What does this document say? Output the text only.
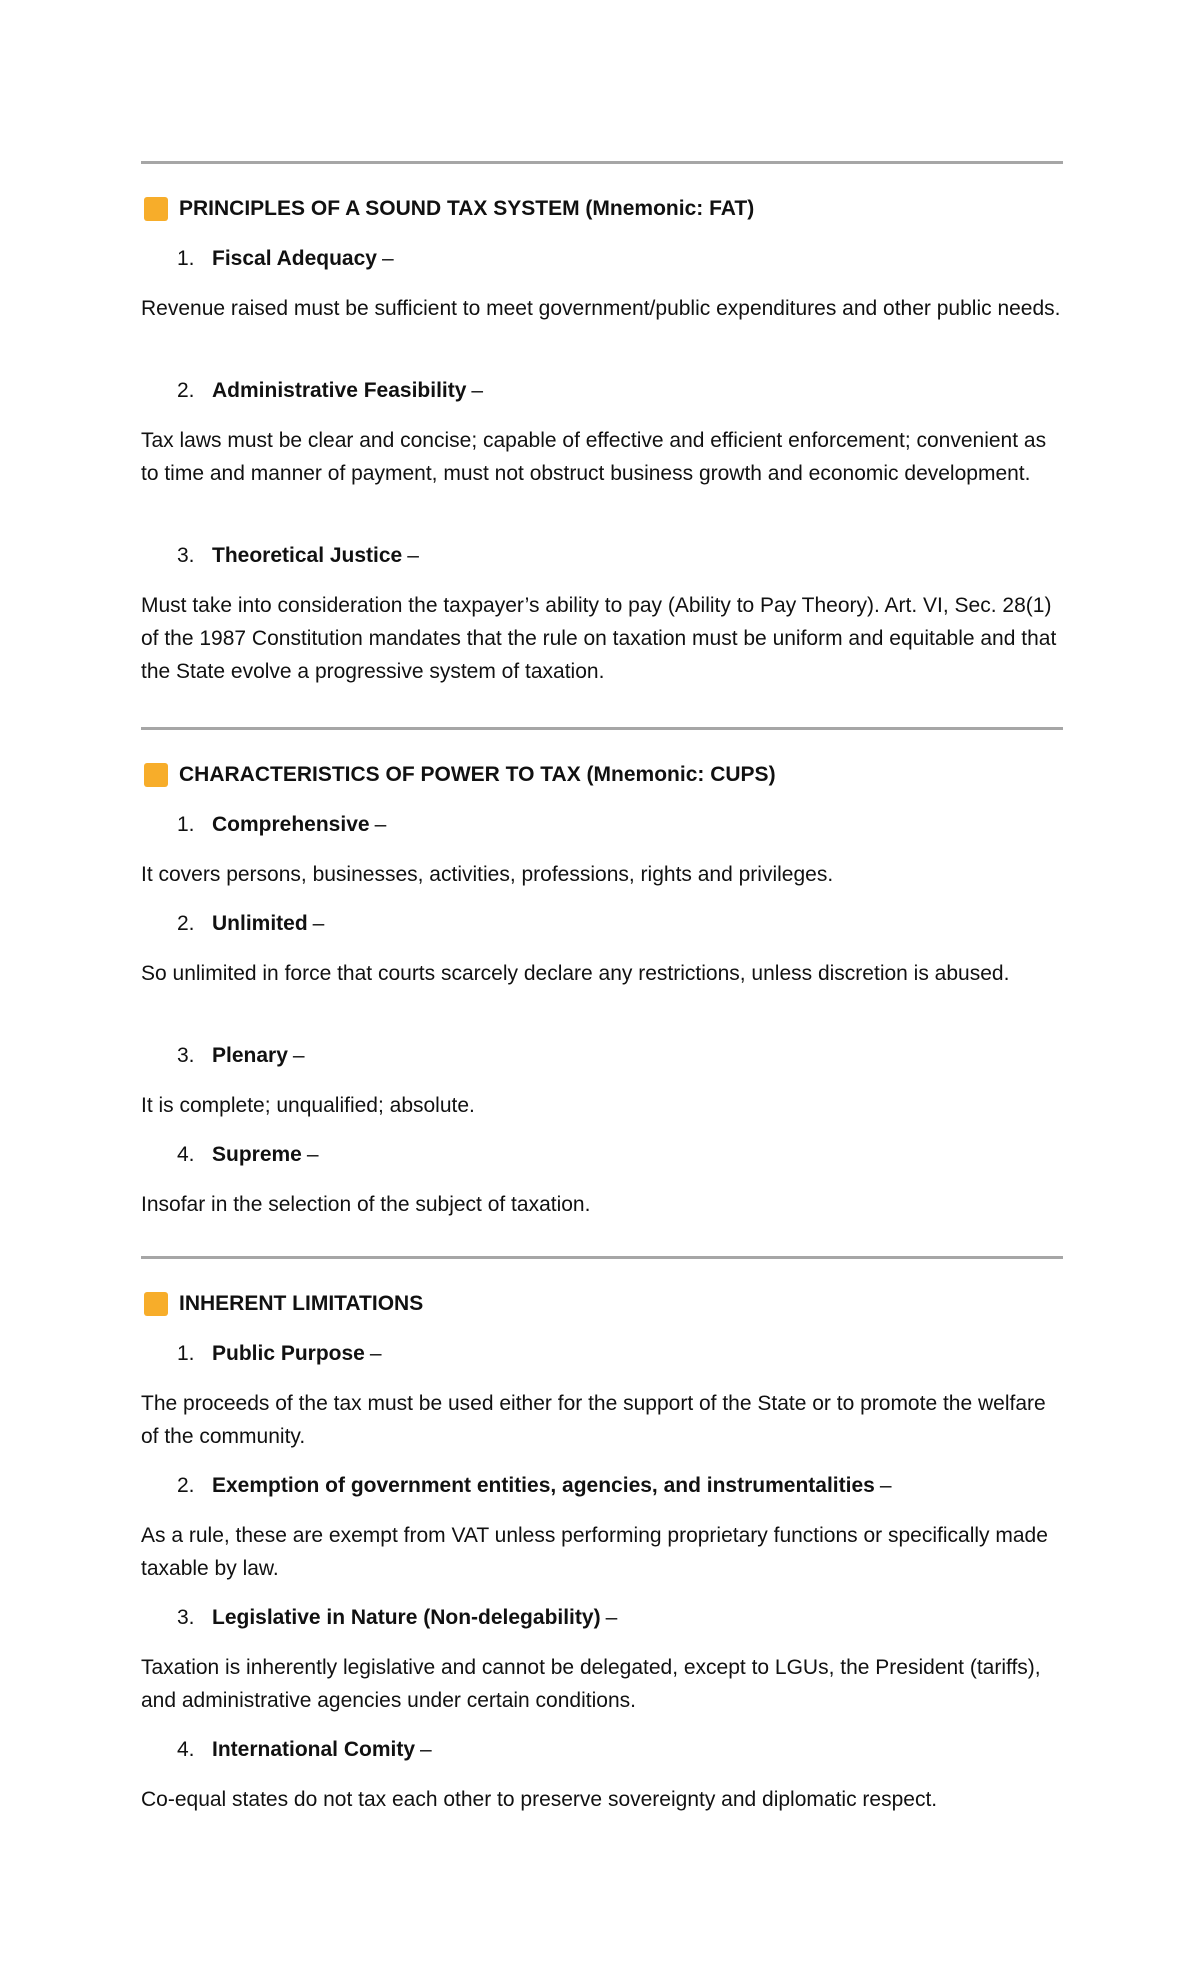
PRINCIPLES OF A SOUND TAX SYSTEM (Mnemonic: FAT)
1. Fiscal Adequacy –

Revenue raised must be sufficient to meet government/public expenditures and other public needs.

2. Administrative Feasibility –

Tax laws must be clear and concise; capable of effective and efficient enforcement; convenient as to time and manner of payment, must not obstruct business growth and economic development.

3. Theoretical Justice –

Must take into consideration the taxpayer’s ability to pay (Ability to Pay Theory). Art. VI, Sec. 28(1) of the 1987 Constitution mandates that the rule on taxation must be uniform and equitable and that the State evolve a progressive system of taxation.

CHARACTERISTICS OF POWER TO TAX (Mnemonic: CUPS)
1. Comprehensive –

It covers persons, businesses, activities, professions, rights and privileges.

2. Unlimited –

So unlimited in force that courts scarcely declare any restrictions, unless discretion is abused.

3. Plenary –

It is complete; unqualified; absolute.

4. Supreme –

Insofar in the selection of the subject of taxation.

INHERENT LIMITATIONS
1. Public Purpose –

The proceeds of the tax must be used either for the support of the State or to promote the welfare of the community.

2. Exemption of government entities, agencies, and instrumentalities –

As a rule, these are exempt from VAT unless performing proprietary functions or specifically made taxable by law.

3. Legislative in Nature (Non-delegability) –

Taxation is inherently legislative and cannot be delegated, except to LGUs, the President (tariffs), and administrative agencies under certain conditions.

4. International Comity –

Co-equal states do not tax each other to preserve sovereignty and diplomatic respect.
